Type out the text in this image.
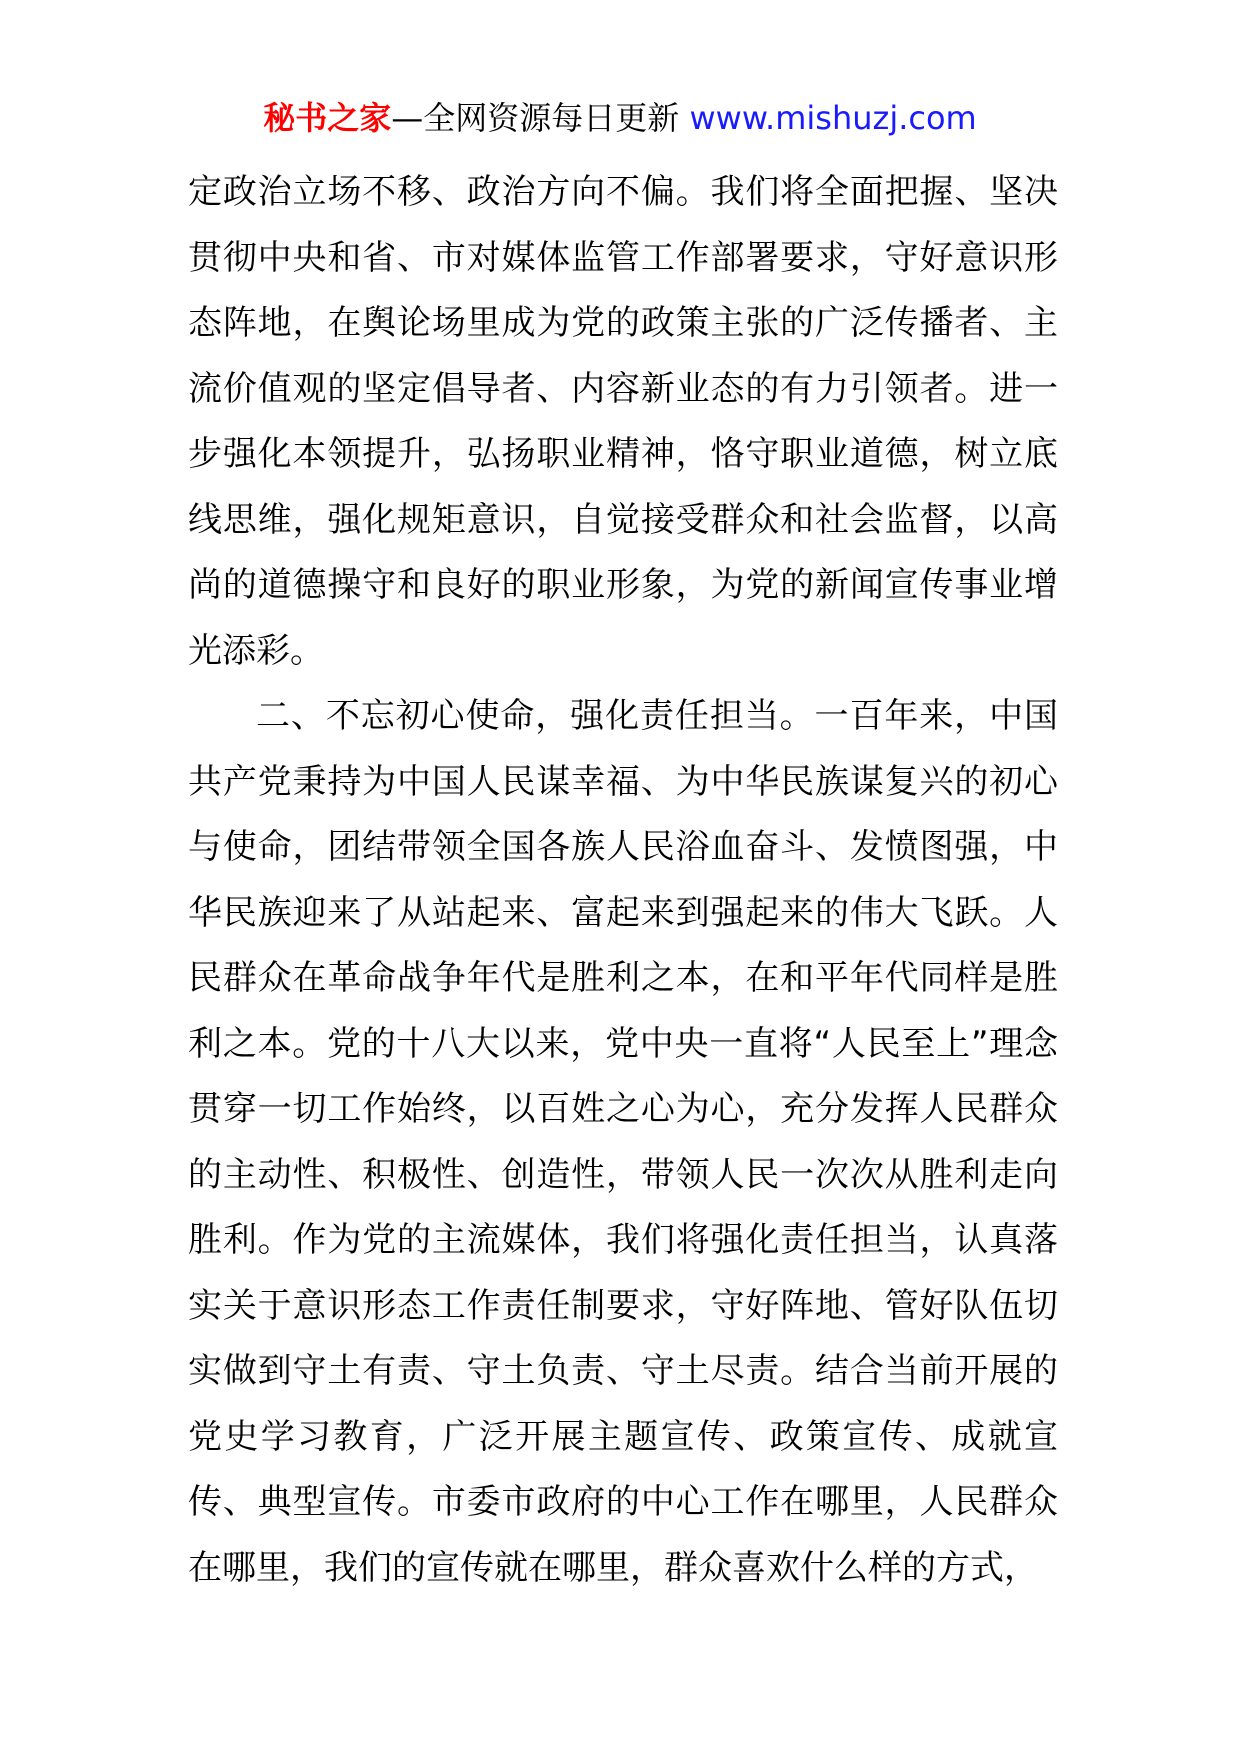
秘书之家—全网资源每日更新 www.mishuzj.com

定政治立场不移、政治方向不偏。我们将全面把握、坚决贯彻中央和省、市对媒体监管工作部署要求，守好意识形态阵地，在舆论场里成为党的政策主张的广泛传播者、主流价值观的坚定倡导者、内容新业态的有力引领者。进一步强化本领提升，弘扬职业精神，恪守职业道德，树立底线思维，强化规矩意识，自觉接受群众和社会监督，以高尚的道德操守和良好的职业形象，为党的新闻宣传事业增光添彩。

二、不忘初心使命，强化责任担当。一百年来，中国共产党秉持为中国人民谋幸福、为中华民族谋复兴的初心与使命，团结带领全国各族人民浴血奋斗、发愤图强，中华民族迎来了从站起来、富起来到强起来的伟大飞跃。人民群众在革命战争年代是胜利之本，在和平年代同样是胜利之本。党的十八大以来，党中央一直将“人民至上”理念贯穿一切工作始终，以百姓之心为心，充分发挥人民群众的主动性、积极性、创造性，带领人民一次次从胜利走向胜利。作为党的主流媒体，我们将强化责任担当，认真落实关于意识形态工作责任制要求，守好阵地、管好队伍切实做到守土有责、守土负责、守土尽责。结合当前开展的党史学习教育，广泛开展主题宣传、政策宣传、成就宣传、典型宣传。市委市政府的中心工作在哪里，人民群众在哪里，我们的宣传就在哪里，群众喜欢什么样的方式，
